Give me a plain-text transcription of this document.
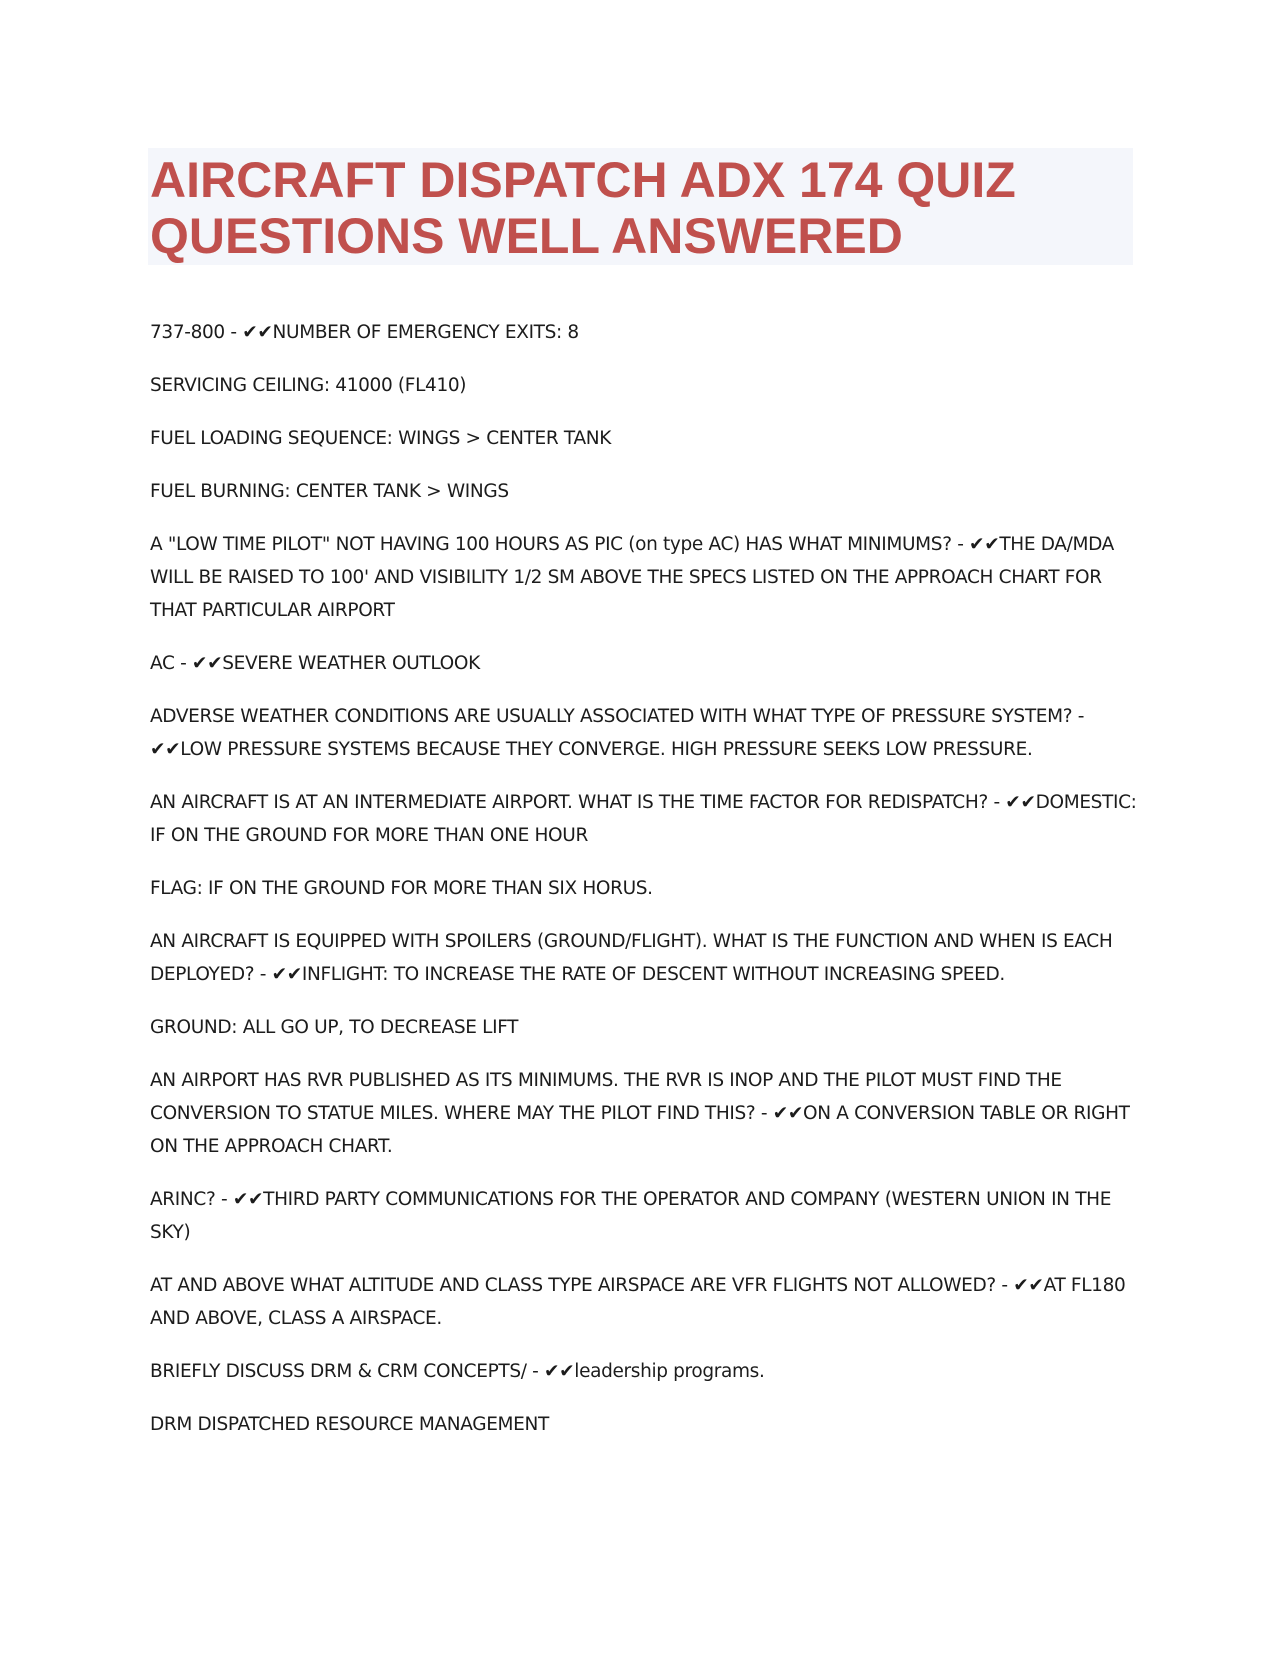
AIRCRAFT DISPATCH ADX 174 QUIZ QUESTIONS WELL ANSWERED

737-800 - ✔✔NUMBER OF EMERGENCY EXITS: 8

SERVICING CEILING: 41000 (FL410)

FUEL LOADING SEQUENCE: WINGS > CENTER TANK

FUEL BURNING: CENTER TANK > WINGS

A "LOW TIME PILOT" NOT HAVING 100 HOURS AS PIC (on type AC) HAS WHAT MINIMUMS? - ✔✔THE DA/MDA WILL BE RAISED TO 100' AND VISIBILITY 1/2 SM ABOVE THE SPECS LISTED ON THE APPROACH CHART FOR THAT PARTICULAR AIRPORT

AC - ✔✔SEVERE WEATHER OUTLOOK

ADVERSE WEATHER CONDITIONS ARE USUALLY ASSOCIATED WITH WHAT TYPE OF PRESSURE SYSTEM? - ✔✔LOW PRESSURE SYSTEMS BECAUSE THEY CONVERGE. HIGH PRESSURE SEEKS LOW PRESSURE.

AN AIRCRAFT IS AT AN INTERMEDIATE AIRPORT. WHAT IS THE TIME FACTOR FOR REDISPATCH? - ✔✔DOMESTIC: IF ON THE GROUND FOR MORE THAN ONE HOUR

FLAG: IF ON THE GROUND FOR MORE THAN SIX HORUS.

AN AIRCRAFT IS EQUIPPED WITH SPOILERS (GROUND/FLIGHT). WHAT IS THE FUNCTION AND WHEN IS EACH DEPLOYED? - ✔✔INFLIGHT: TO INCREASE THE RATE OF DESCENT WITHOUT INCREASING SPEED.

GROUND: ALL GO UP, TO DECREASE LIFT

AN AIRPORT HAS RVR PUBLISHED AS ITS MINIMUMS. THE RVR IS INOP AND THE PILOT MUST FIND THE CONVERSION TO STATUE MILES. WHERE MAY THE PILOT FIND THIS? - ✔✔ON A CONVERSION TABLE OR RIGHT ON THE APPROACH CHART.

ARINC? - ✔✔THIRD PARTY COMMUNICATIONS FOR THE OPERATOR AND COMPANY (WESTERN UNION IN THE SKY)

AT AND ABOVE WHAT ALTITUDE AND CLASS TYPE AIRSPACE ARE VFR FLIGHTS NOT ALLOWED? - ✔✔AT FL180 AND ABOVE, CLASS A AIRSPACE.

BRIEFLY DISCUSS DRM & CRM CONCEPTS/ - ✔✔leadership programs.

DRM DISPATCHED RESOURCE MANAGEMENT
